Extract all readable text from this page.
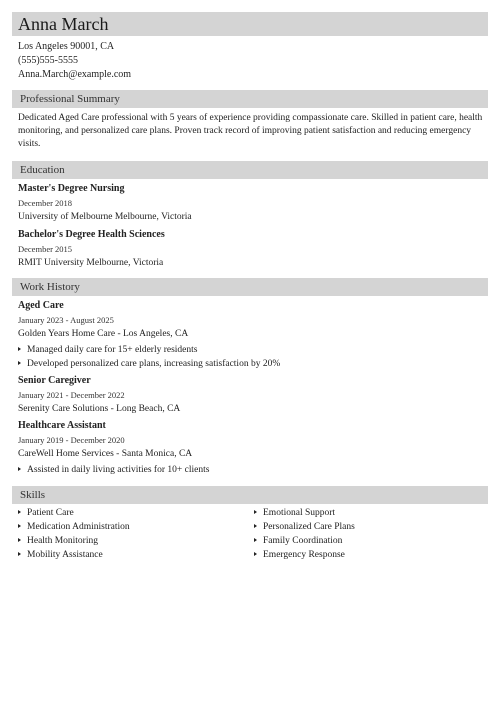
Anna March
Los Angeles 90001, CA
(555)555-5555
Anna.March@example.com
Professional Summary
Dedicated Aged Care professional with 5 years of experience providing compassionate care. Skilled in patient care, health monitoring, and personalized care plans. Proven track record of improving patient satisfaction and reducing emergency visits.
Education
Master's Degree Nursing
December 2018
University of Melbourne Melbourne, Victoria
Bachelor's Degree Health Sciences
December 2015
RMIT University Melbourne, Victoria
Work History
Aged Care
January 2023 - August 2025
Golden Years Home Care - Los Angeles, CA
Managed daily care for 15+ elderly residents
Developed personalized care plans, increasing satisfaction by 20%
Senior Caregiver
January 2021 - December 2022
Serenity Care Solutions - Long Beach, CA
Healthcare Assistant
January 2019 - December 2020
CareWell Home Services - Santa Monica, CA
Assisted in daily living activities for 10+ clients
Skills
Patient Care
Medication Administration
Health Monitoring
Mobility Assistance
Emotional Support
Personalized Care Plans
Family Coordination
Emergency Response
